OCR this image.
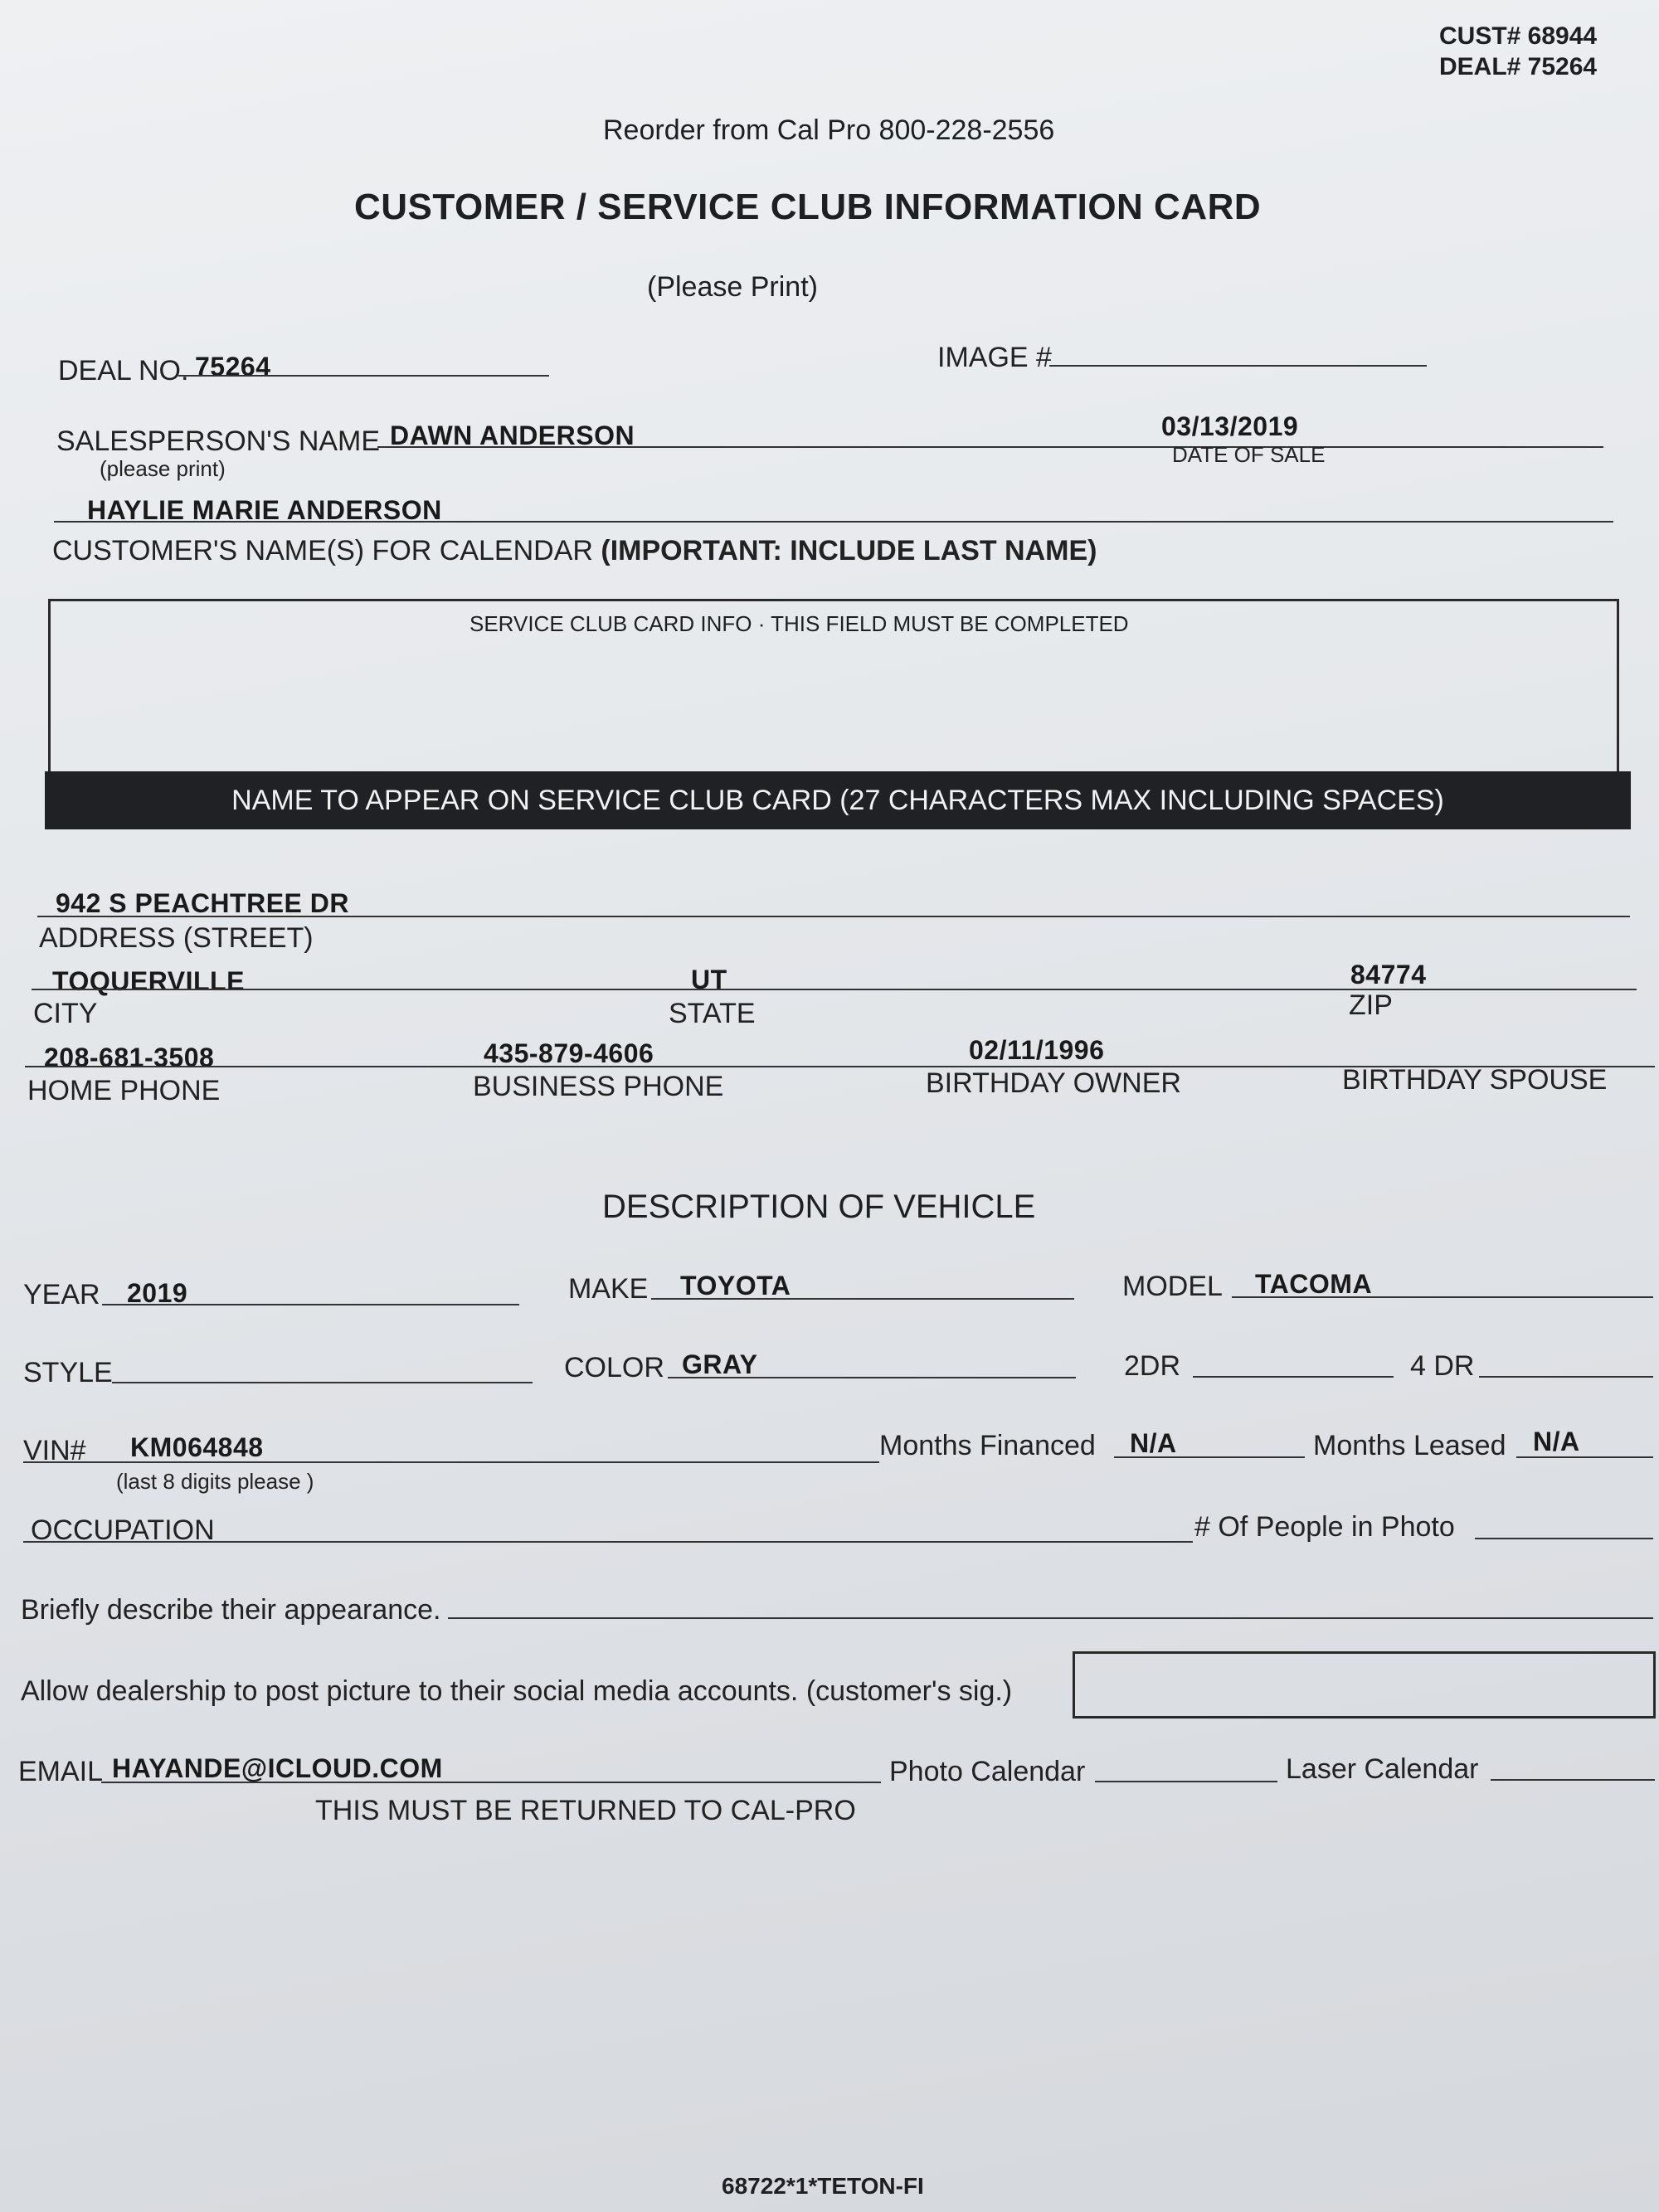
CUST# 68944
DEAL# 75264
Reorder from Cal Pro 800-228-2556
CUSTOMER / SERVICE CLUB INFORMATION CARD
(Please Print)
DEAL NO. 75264	IMAGE #
SALESPERSON'S NAME
(please print)
DAWN ANDERSON	03/13/2019
DATE OF SALE
HAYLIE MARIE ANDERSON
CUSTOMER'S NAME(S) FOR CALENDAR (IMPORTANT: INCLUDE LAST NAME)
SERVICE CLUB CARD INFO · THIS FIELD MUST BE COMPLETED
NAME TO APPEAR ON SERVICE CLUB CARD (27 CHARACTERS MAX INCLUDING SPACES)
942 S PEACHTREE DR
ADDRESS (STREET)
TOQUERVILLE	UT	84774
CITY	STATE	ZIP
208-681-3508	435-879-4606	02/11/1996
HOME PHONE	BUSINESS PHONE	BIRTHDAY OWNER	BIRTHDAY SPOUSE
DESCRIPTION OF VEHICLE
YEAR 2019	MAKE TOYOTA	MODEL TACOMA
STYLE	COLOR GRAY	2DR	4 DR
VIN# KM064848
(last 8 digits please )
Months Financed N/A	Months Leased N/A
OCCUPATION	# Of People in Photo
Briefly describe their appearance.
Allow dealership to post picture to their social media accounts. (customer's sig.)
EMAIL HAYANDE@ICLOUD.COM	Photo Calendar	Laser Calendar
THIS MUST BE RETURNED TO CAL-PRO
68722*1*TETON-FI
